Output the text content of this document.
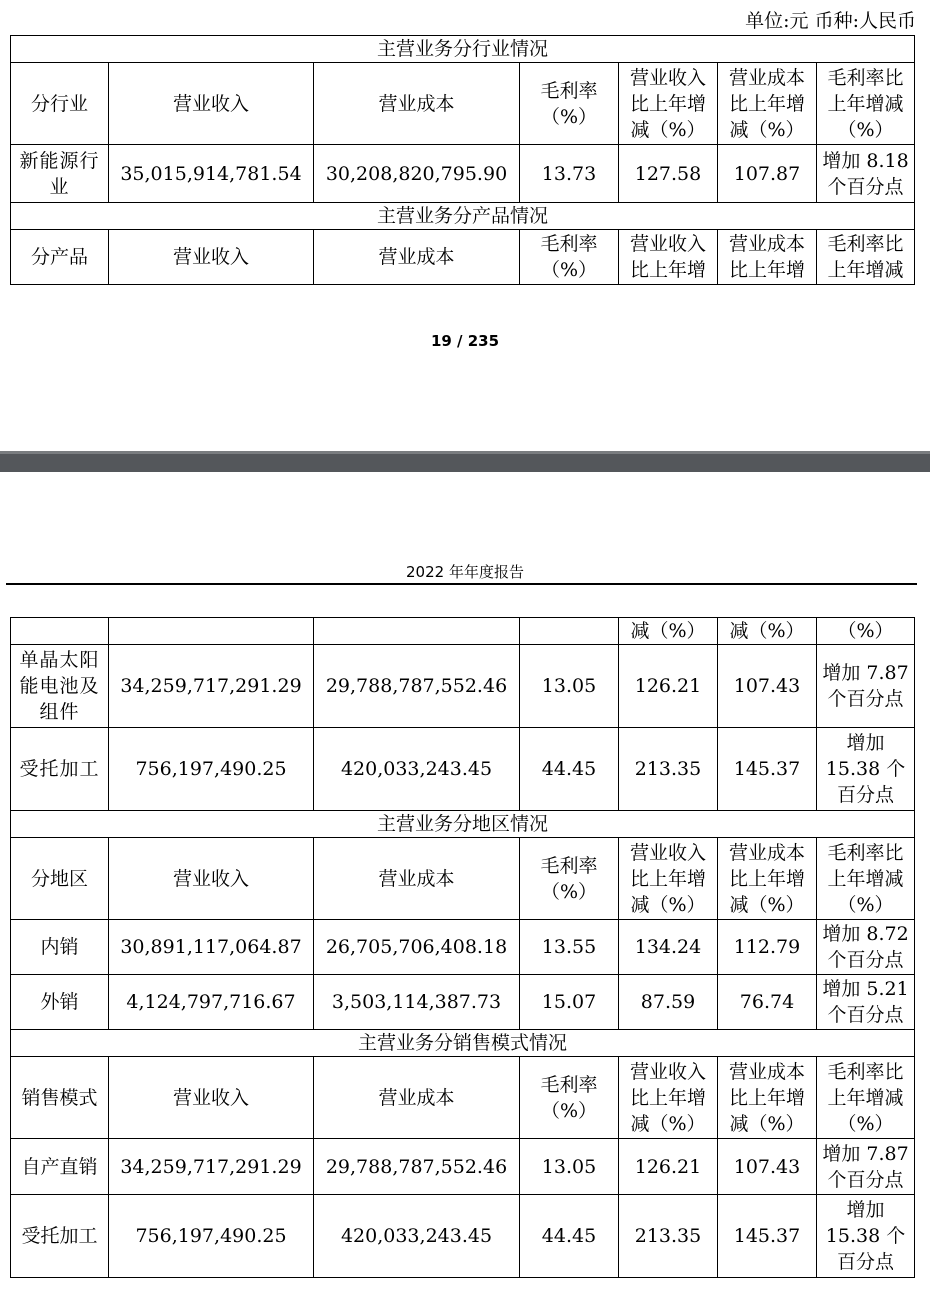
单位:元 币种:人民币
主营业务分行业情况						
分行业	营业收入	营业成本	毛利率（%）	营业收入比上年增减（%）	营业成本比上年增减（%）	毛利率比上年增减（%）
新能源行业	35,015,914,781.54	30,208,820,795.90	13.73	127.58	107.87	增加 8.18 个百分点
主营业务分产品情况						
分产品	营业收入	营业成本	毛利率（%）	营业收入比上年增	营业成本比上年增	毛利率比上年增减
19 / 235
2022 年年度报告
				减（%）	减（%）	（%）
单晶太阳能电池及组件	34,259,717,291.29	29,788,787,552.46	13.05	126.21	107.43	增加 7.87 个百分点
受托加工	756,197,490.25	420,033,243.45	44.45	213.35	145.37	增加 15.38 个百分点
主营业务分地区情况						
分地区	营业收入	营业成本	毛利率（%）	营业收入比上年增减（%）	营业成本比上年增减（%）	毛利率比上年增减（%）
内销	30,891,117,064.87	26,705,706,408.18	13.55	134.24	112.79	增加 8.72 个百分点
外销	4,124,797,716.67	3,503,114,387.73	15.07	87.59	76.74	增加 5.21 个百分点
主营业务分销售模式情况						
销售模式	营业收入	营业成本	毛利率（%）	营业收入比上年增减（%）	营业成本比上年增减（%）	毛利率比上年增减（%）
自产直销	34,259,717,291.29	29,788,787,552.46	13.05	126.21	107.43	增加 7.87 个百分点
受托加工	756,197,490.25	420,033,243.45	44.45	213.35	145.37	增加 15.38 个百分点
